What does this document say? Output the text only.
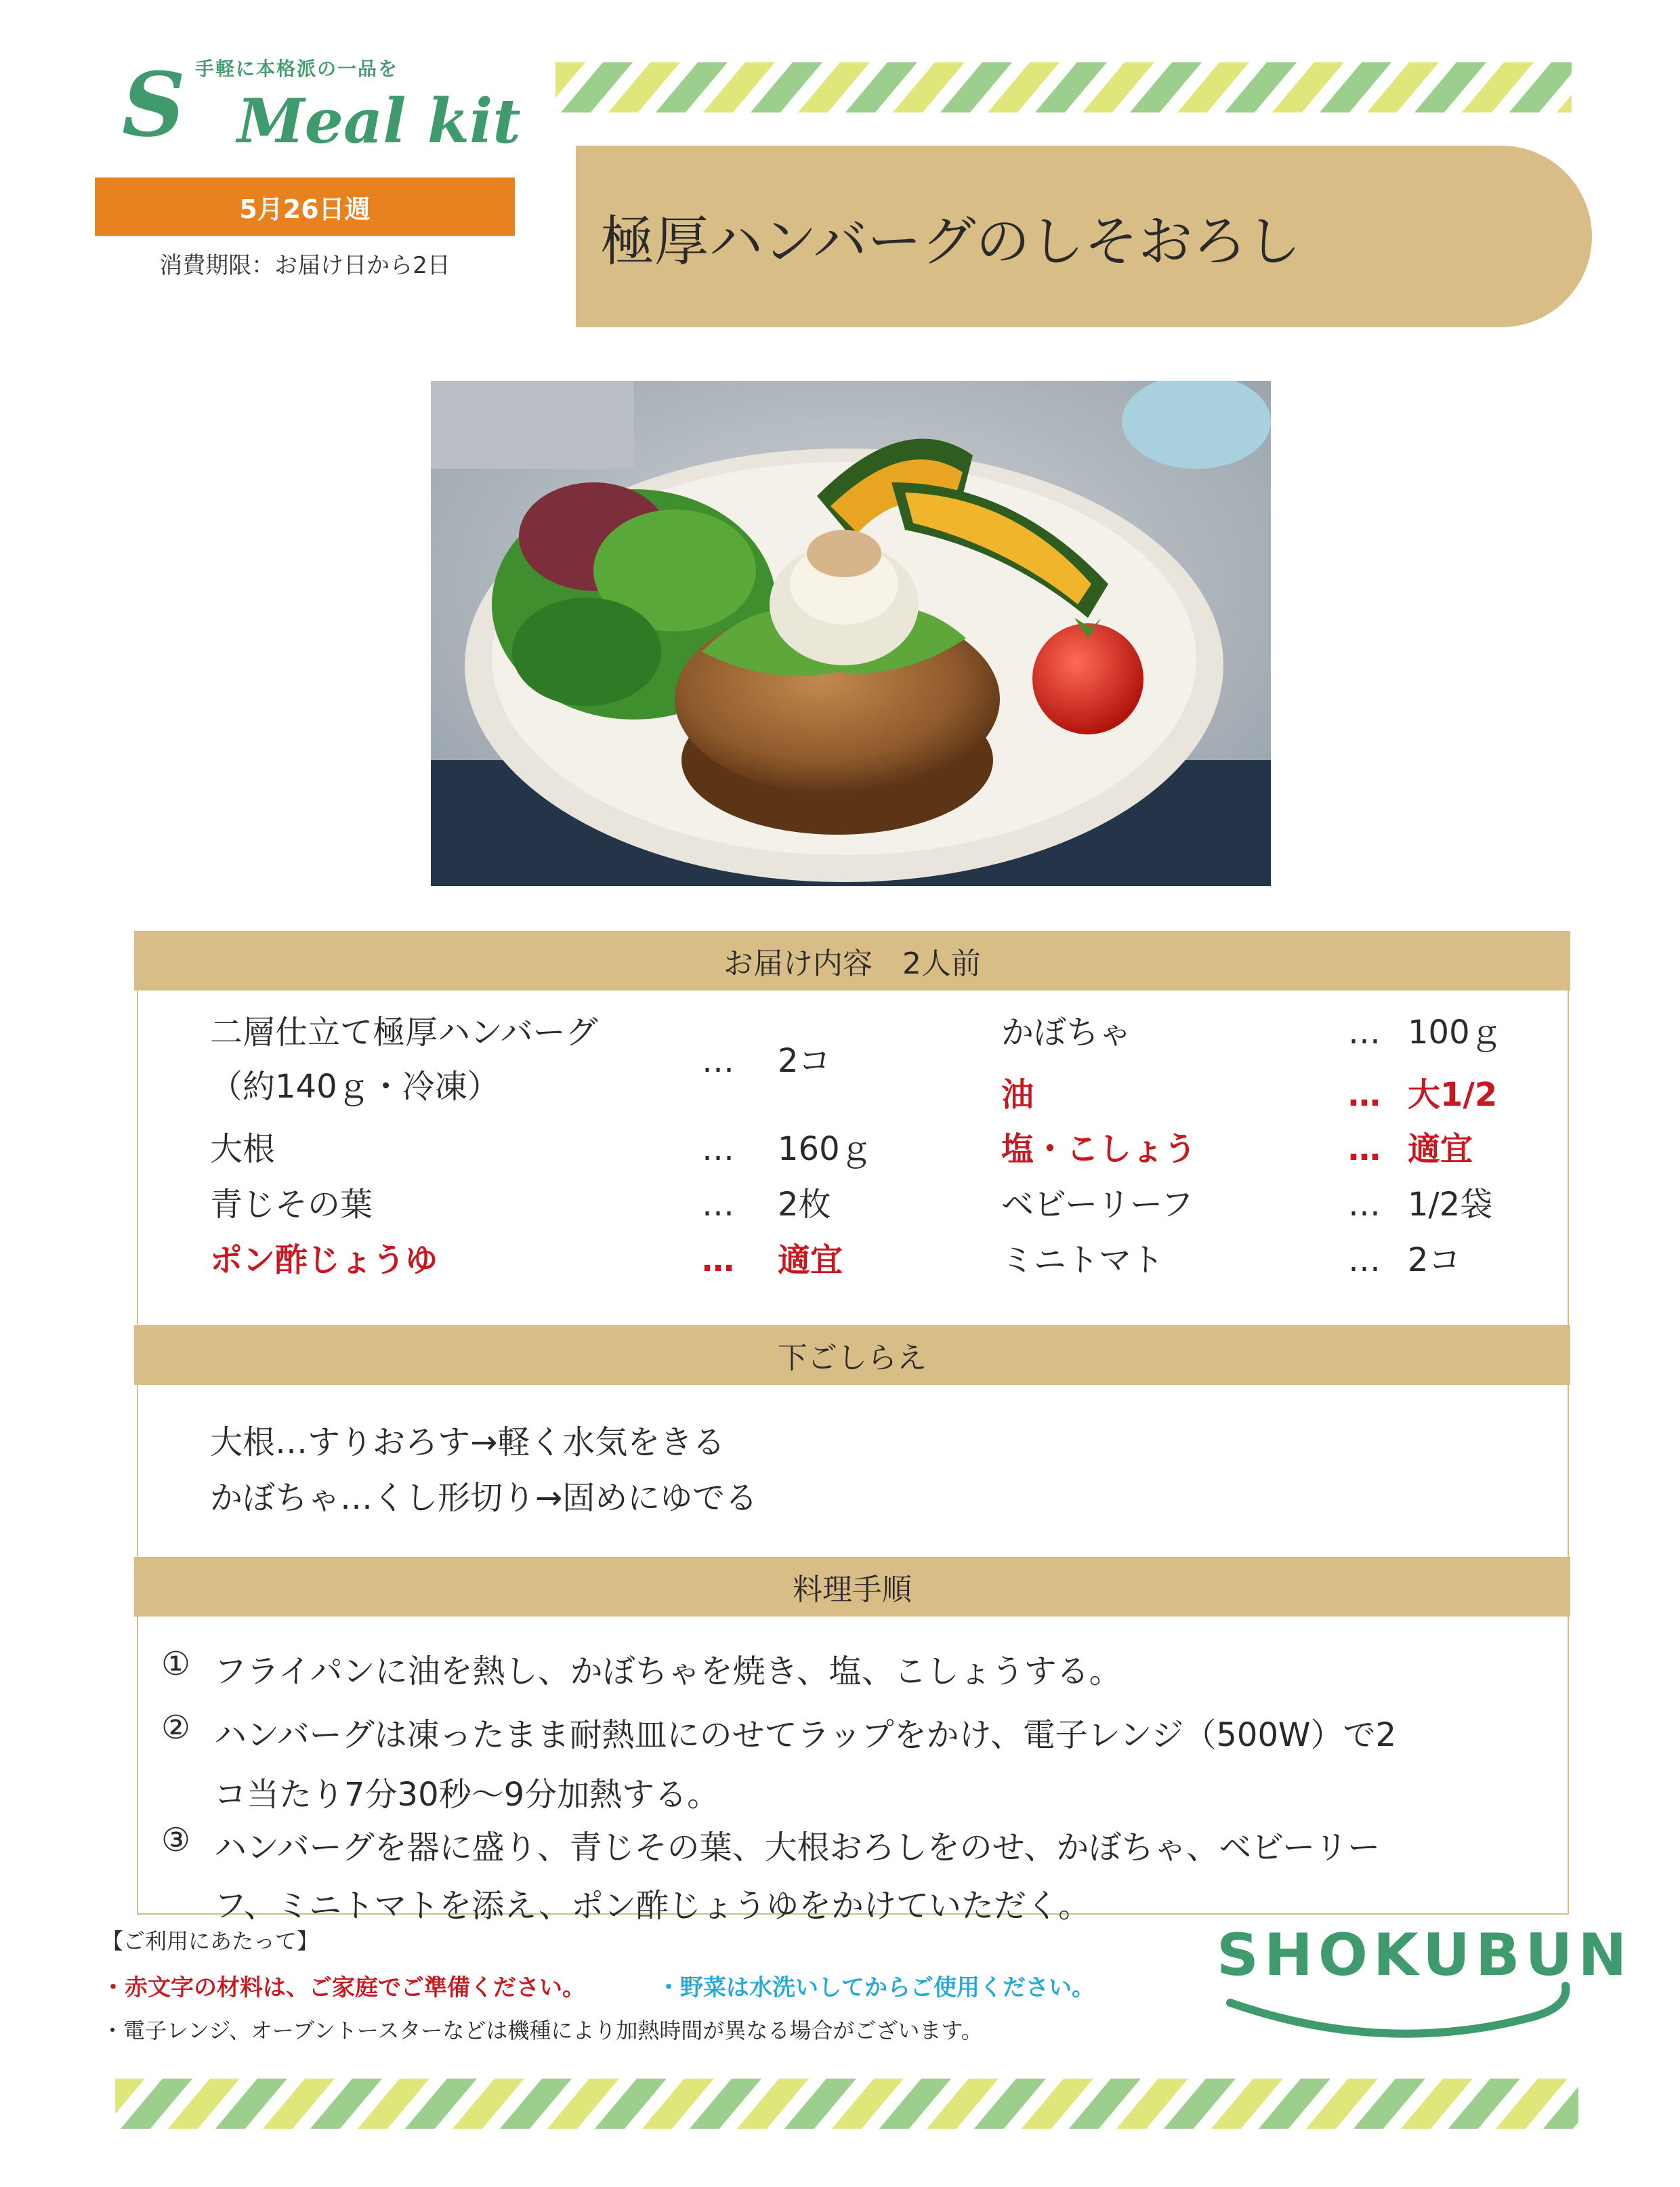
手軽に本格派の一品を
S Meal kit
5月26日週
消費期限：お届け日から2日	極厚ハンバーグのしそおろし
お届け内容　2人前
二層仕立て極厚ハンバーグ
（約140ｇ・冷凍）
… 2コ
大根	… 160ｇ
青じその葉	… 2枚
ポン酢じょうゆ	… 適宜
かぼちゃ	… 100ｇ
油	… 大1/2
塩・こしょう	… 適宜
ベビーリーフ	… 1/2袋
ミニトマト	… 2コ
下ごしらえ
大根…すりおろす→軽く水気をきる
かぼちゃ…くし形切り→固めにゆでる
料理手順
① フライパンに油を熱し、かぼちゃを焼き、塩、こしょうする。
② ハンバーグは凍ったまま耐熱皿にのせてラップをかけ、電子レンジ（500W）で2
コ当たり7分30秒～9分加熱する。
③ ハンバーグを器に盛り、青じその葉、大根おろしをのせ、かぼちゃ、ベビーリー
フ、ミニトマトを添え、ポン酢じょうゆをかけていただく。
【ご利用にあたって】
・赤文字の材料は、ご家庭でご準備ください。	・野菜は水洗いしてからご使用ください。
・電子レンジ、オーブントースターなどは機種により加熱時間が異なる場合がございます。
SHOKUBUN
